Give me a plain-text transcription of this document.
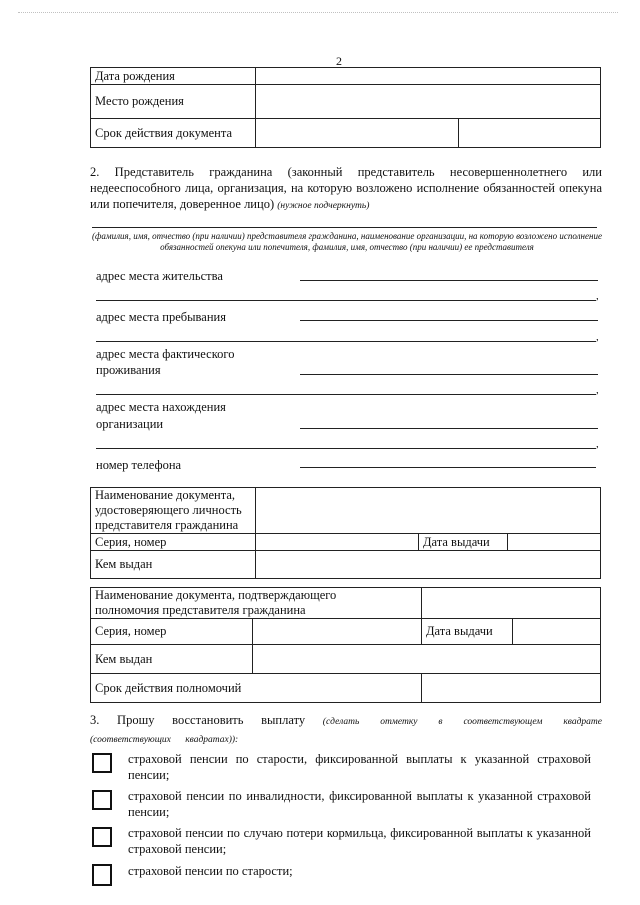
2
Дата рождения		
Место рождения		
Срок действия документа		
2. Представитель гражданина (законный представитель несовершеннолетнего или недееспособного лица, организация, на которую возложено исполнение обязанностей опекуна или попечителя, доверенное лицо) (нужное подчеркнуть)
(фамилия, имя, отчество (при наличии) представителя гражданина, наименование организации, на которую возложено исполнение обязанностей опекуна или попечителя, фамилия, имя, отчество (при наличии) ее представителя
адрес места жительства
,
адрес места пребывания
,
адрес места фактического
проживания
,
адрес места нахождения
организации
,
номер телефона
Наименование документа,
удостоверяющего личность
представителя гражданина			

Серия, номер		Дата выдачи	
Кем выдан			
Наименование документа, подтверждающего
полномочия представителя гражданина			

Серия, номер		Дата выдачи	
Кем выдан			
Срок действия полномочий			
3. Прошу восстановить выплату (сделать отметку в соответствующем квадрате (соответствующих квадратах)):
страховой пенсии по старости, фиксированной выплаты к указанной страховой пенсии;
страховой пенсии по инвалидности, фиксированной выплаты к указанной страховой пенсии;
страховой пенсии по случаю потери кормильца, фиксированной выплаты к указанной страховой пенсии;
страховой пенсии по старости;
